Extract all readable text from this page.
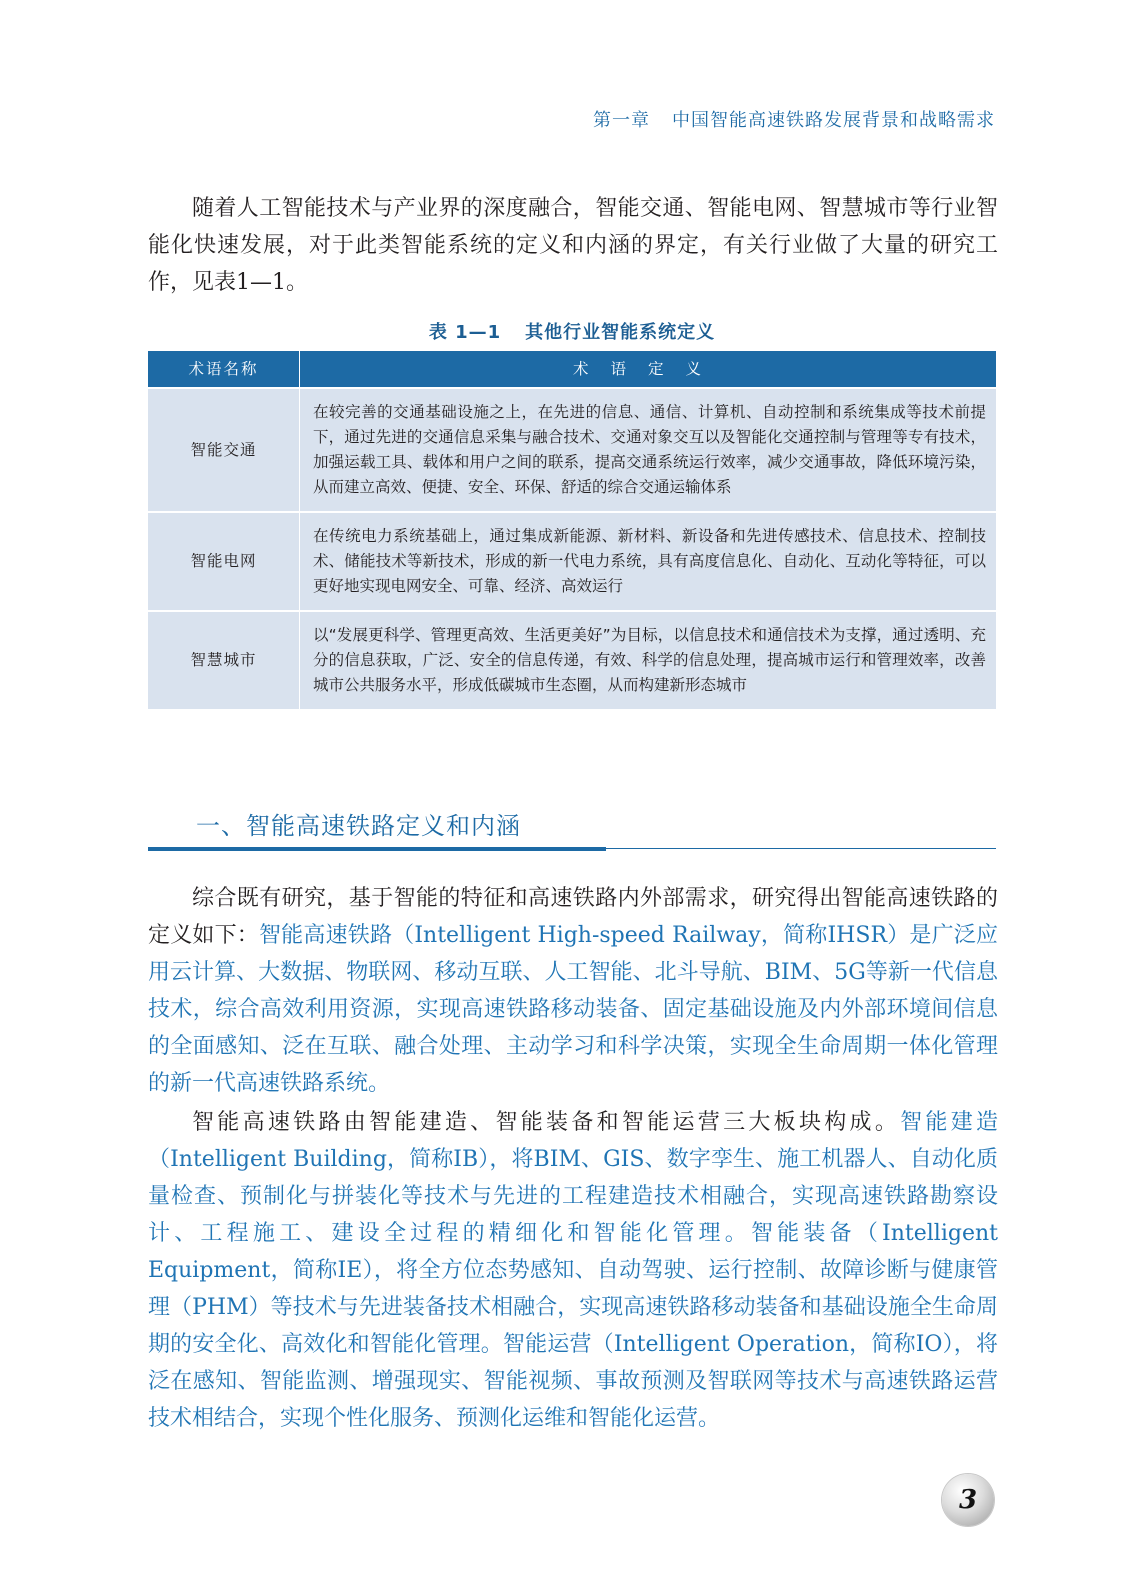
第一章 中国智能高速铁路发展背景和战略需求

随着人工智能技术与产业界的深度融合，智能交通、智能电网、智慧城市等行业智能化快速发展，对于此类智能系统的定义和内涵的界定，有关行业做了大量的研究工作，见表1—1。

表 1—1 其他行业智能系统定义
术语名称	术语定义
智能交通	在较完善的交通基础设施之上，在先进的信息、通信、计算机、自动控制和系统集成等技术前提下，通过先进的交通信息采集与融合技术、交通对象交互以及智能化交通控制与管理等专有技术，加强运载工具、载体和用户之间的联系，提高交通系统运行效率，减少交通事故，降低环境污染，从而建立高效、便捷、安全、环保、舒适的综合交通运输体系
智能电网	在传统电力系统基础上，通过集成新能源、新材料、新设备和先进传感技术、信息技术、控制技术、储能技术等新技术，形成的新一代电力系统，具有高度信息化、自动化、互动化等特征，可以更好地实现电网安全、可靠、经济、高效运行
智慧城市	以“发展更科学、管理更高效、生活更美好”为目标，以信息技术和通信技术为支撑，通过透明、充分的信息获取，广泛、安全的信息传递，有效、科学的信息处理，提高城市运行和管理效率，改善城市公共服务水平，形成低碳城市生态圈，从而构建新形态城市
一、智能高速铁路定义和内涵

综合既有研究，基于智能的特征和高速铁路内外部需求，研究得出智能高速铁路的定义如下：智能高速铁路（Intelligent High-speed Railway，简称IHSR）是广泛应用云计算、大数据、物联网、移动互联、人工智能、北斗导航、BIM、5G等新一代信息技术，综合高效利用资源，实现高速铁路移动装备、固定基础设施及内外部环境间信息的全面感知、泛在互联、融合处理、主动学习和科学决策，实现全生命周期一体化管理的新一代高速铁路系统。

智能高速铁路由智能建造、智能装备和智能运营三大板块构成。智能建造（Intelligent Building，简称IB），将BIM、GIS、数字孪生、施工机器人、自动化质量检查、预制化与拼装化等技术与先进的工程建造技术相融合，实现高速铁路勘察设计、工程施工、建设全过程的精细化和智能化管理。智能装备（Intelligent Equipment，简称IE），将全方位态势感知、自动驾驶、运行控制、故障诊断与健康管理（PHM）等技术与先进装备技术相融合，实现高速铁路移动装备和基础设施全生命周期的安全化、高效化和智能化管理。智能运营（Intelligent Operation，简称IO），将泛在感知、智能监测、增强现实、智能视频、事故预测及智联网等技术与高速铁路运营技术相结合，实现个性化服务、预测化运维和智能化运营。

3
